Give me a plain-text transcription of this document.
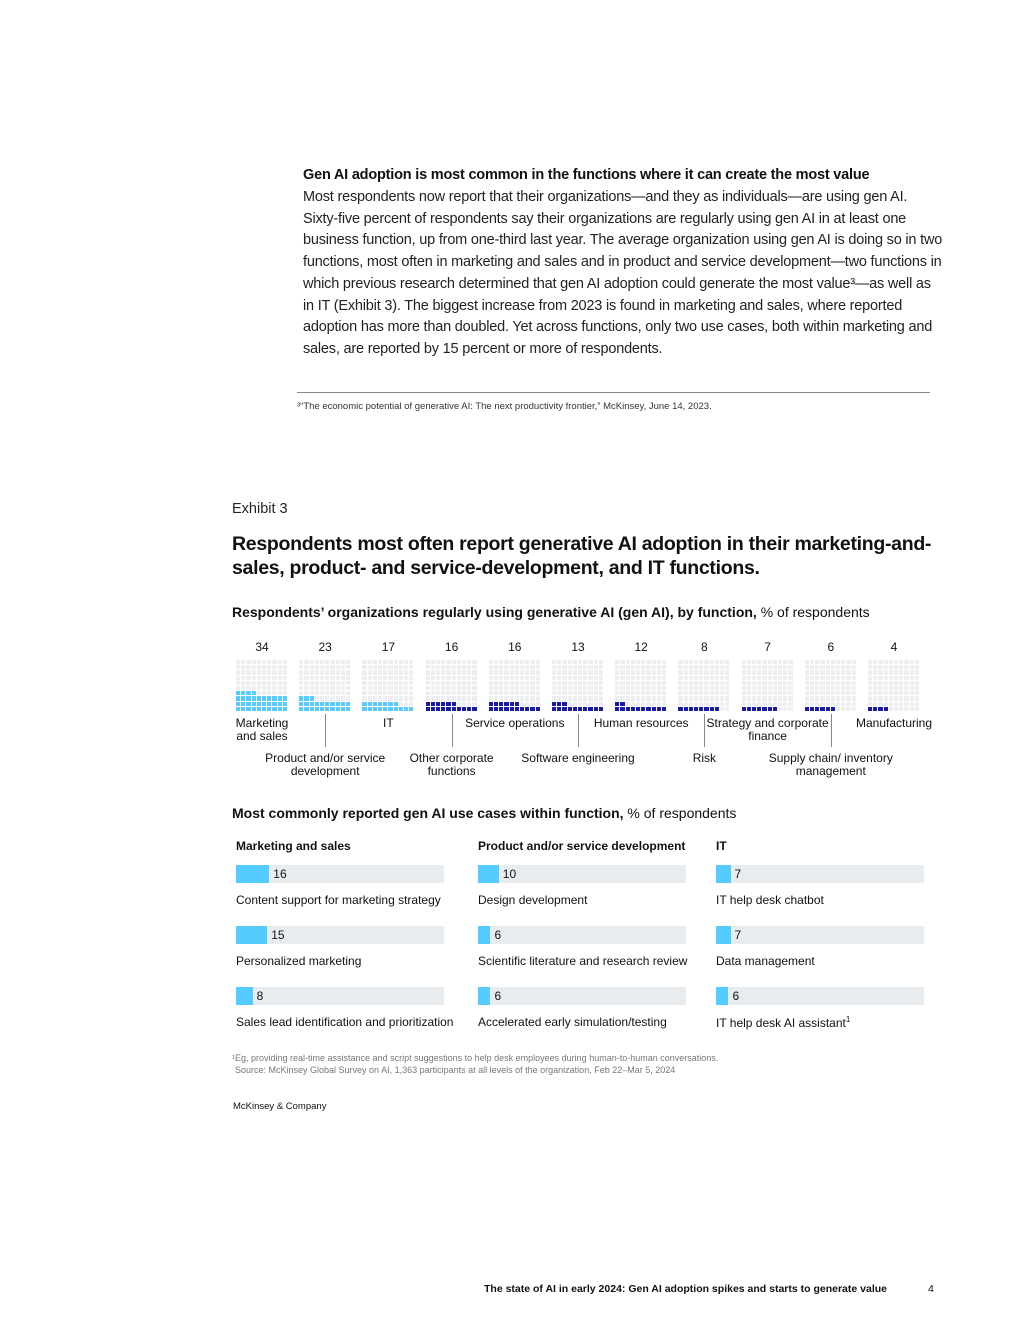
Gen AI adoption is most common in the functions where it can create the most value
Most respondents now report that their organizations—and they as individuals—are using gen AI. Sixty-five percent of respondents say their organizations are regularly using gen AI in at least one business function, up from one-third last year. The average organization using gen AI is doing so in two functions, most often in marketing and sales and in product and service development—two functions in which previous research determined that gen AI adoption could generate the most value³—as well as in IT (Exhibit 3). The biggest increase from 2023 is found in marketing and sales, where reported adoption has more than doubled. Yet across functions, only two use cases, both within marketing and sales, are reported by 15 percent or more of respondents.
³“The economic potential of generative AI: The next productivity frontier,” McKinsey, June 14, 2023.
Exhibit 3
Respondents most often report generative AI adoption in their marketing-and-sales, product- and service-development, and IT functions.
Respondents’ organizations regularly using generative AI (gen AI), by function, % of respondents
34
Marketing and sales
23
Product and/or service development
17
IT
16
Other corporate functions
16
Service operations
13
Software engineering
12
Human resources
8
Risk
7
Strategy and corporate finance
6
Supply chain/ inventory management
4
Manufacturing
Most commonly reported gen AI use cases within function, % of respondents
Marketing and sales
16
Content support for marketing strategy
15
Personalized marketing
8
Sales lead identification and prioritization
Product and/or service development
10
Design development
6
Scientific literature and research review
6
Accelerated early simulation/testing
IT
7
IT help desk chatbot
7
Data management
6
IT help desk AI assistant$^1$
¹Eg, providing real-time assistance and script suggestions to help desk employees during human-to-human conversations.
Source: McKinsey Global Survey on AI, 1,363 participants at all levels of the organization, Feb 22–Mar 5, 2024
McKinsey & Company
The state of AI in early 2024: Gen AI adoption spikes and starts to generate value	4
